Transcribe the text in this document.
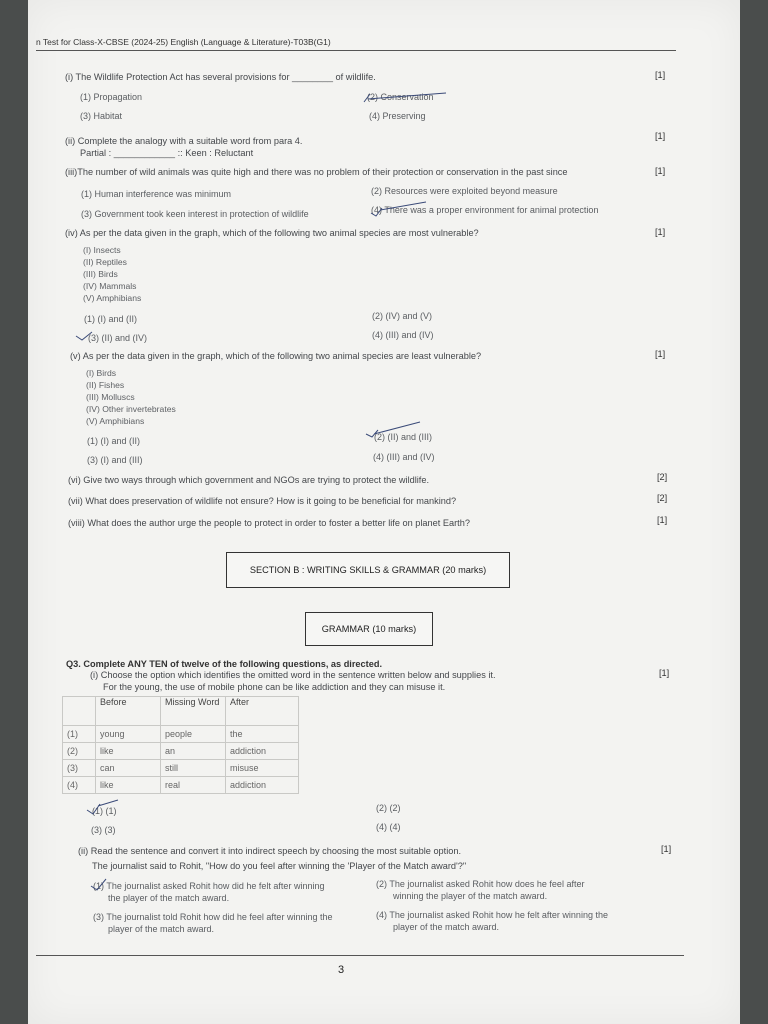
n Test for Class-X-CBSE (2024-25) English (Language & Literature)-T03B(G1)
(i) The Wildlife Protection Act has several provisions for ________ of wildlife.	[1]
(1) Propagation	(2) Conservation
(3) Habitat	(4) Preserving
(ii) Complete the analogy with a suitable word from para 4.
Partial : ____________ :: Keen : Reluctant
[1]
(iii)The number of wild animals was quite high and there was no problem of their protection or conservation in the past since	[1]
(1) Human interference was minimum	(2) Resources were exploited beyond measure
(3) Government took keen interest in protection of wildlife	(4) There was a proper environment for animal protection
(iv) As per the data given in the graph, which of the following two animal species are most vulnerable?	[1]
(I) Insects
(II) Reptiles
(III) Birds
(IV) Mammals
(V) Amphibians
(1) (I) and (II)	(2) (IV) and (V)
(3) (II) and (IV)	(4) (III) and (IV)
(v) As per the data given in the graph, which of the following two animal species are least vulnerable?	[1]
(I) Birds
(II) Fishes
(III) Molluscs
(IV) Other invertebrates
(V) Amphibians
(1) (I) and (II)	(2) (II) and (III)
(3) (I) and (III)	(4) (III) and (IV)
(vi) Give two ways through which government and NGOs are trying to protect the wildlife.	[2]
(vii) What does preservation of wildlife not ensure? How is it going to be beneficial for mankind?	[2]
(viii) What does the author urge the people to protect in order to foster a better life on planet Earth?	[1]
SECTION B : WRITING SKILLS & GRAMMAR (20 marks)
GRAMMAR (10 marks)
Q3. Complete ANY TEN of twelve of the following questions, as directed.
(i) Choose the option which identifies the omitted word in the sentence written below and supplies it.	[1]
For the young, the use of mobile phone can be like addiction and they can misuse it.
	Before	Missing Word	After
(1)	young	people	the
(2)	like	an	addiction
(3)	can	still	misuse
(4)	like	real	addiction
(1) (1)	(2) (2)
(3) (3)	(4) (4)
(ii) Read the sentence and convert it into indirect speech by choosing the most suitable option.	[1]
The journalist said to Rohit, "How do you feel after winning the 'Player of the Match award'?"
(1) The journalist asked Rohit how did he felt after winning
the player of the match award.
(2) The journalist asked Rohit how does he feel after
winning the player of the match award.
(3) The journalist told Rohit how did he feel after winning the
player of the match award.
(4) The journalist asked Rohit how he felt after winning the
player of the match award.
3
